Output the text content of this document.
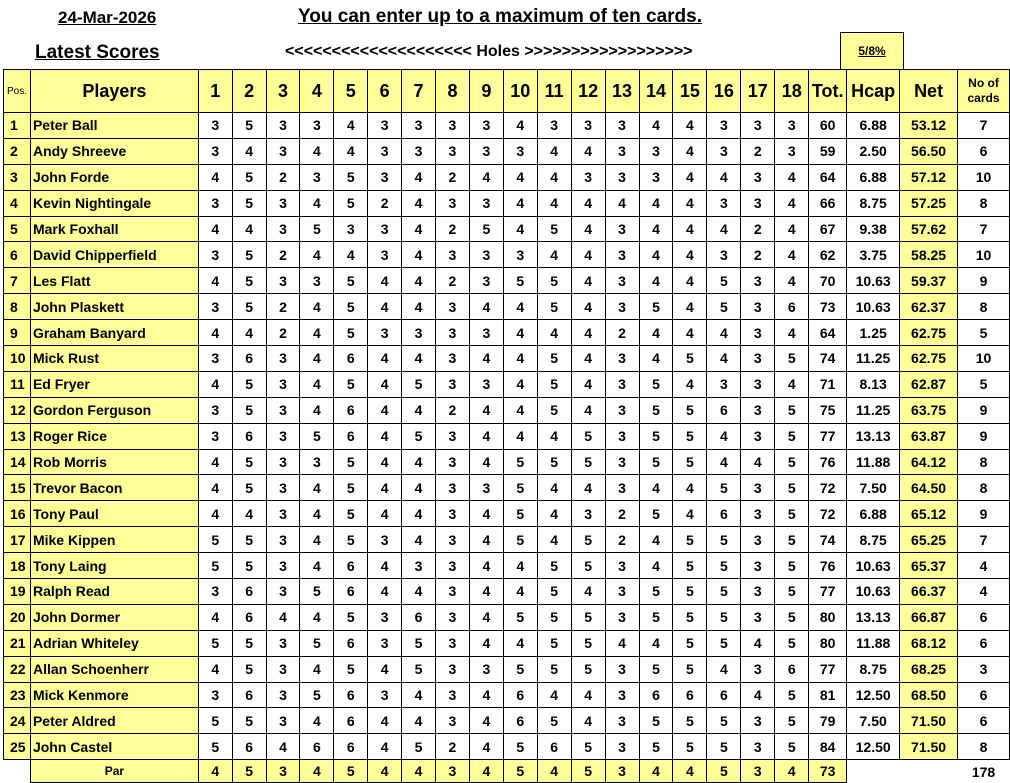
24-Mar-2026	You can enter up to a maximum of ten cards.
Latest Scores	<<<<<<<<<<<<<<<<<<<< Holes >>>>>>>>>>>>>>>>>>	5/8%
Pos.	Players	1	2	3	4	5	6	7	8	9	10	11	12	13	14	15	16	17	18	Tot.	Hcap	Net	No of cards
1	Peter Ball	3	5	3	3	4	3	3	3	3	4	3	3	3	4	4	3	3	3	60	6.88	53.12	7
2	Andy Shreeve	3	4	3	4	4	3	3	3	3	3	4	4	3	3	4	3	2	3	59	2.50	56.50	6
3	John Forde	4	5	2	3	5	3	4	2	4	4	4	3	3	3	4	4	3	4	64	6.88	57.12	10
4	Kevin Nightingale	3	5	3	4	5	2	4	3	3	4	4	4	4	4	4	3	3	4	66	8.75	57.25	8
5	Mark Foxhall	4	4	3	5	3	3	4	2	5	4	5	4	3	4	4	4	2	4	67	9.38	57.62	7
6	David Chipperfield	3	5	2	4	4	3	4	3	3	3	4	4	3	4	4	3	2	4	62	3.75	58.25	10
7	Les Flatt	4	5	3	3	5	4	4	2	3	5	5	4	3	4	4	5	3	4	70	10.63	59.37	9
8	John Plaskett	3	5	2	4	5	4	4	3	4	4	5	4	3	5	4	5	3	6	73	10.63	62.37	8
9	Graham Banyard	4	4	2	4	5	3	3	3	3	4	4	4	2	4	4	4	3	4	64	1.25	62.75	5
10	Mick Rust	3	6	3	4	6	4	4	3	4	4	5	4	3	4	5	4	3	5	74	11.25	62.75	10
11	Ed Fryer	4	5	3	4	5	4	5	3	3	4	5	4	3	5	4	3	3	4	71	8.13	62.87	5
12	Gordon Ferguson	3	5	3	4	6	4	4	2	4	4	5	4	3	5	5	6	3	5	75	11.25	63.75	9
13	Roger Rice	3	6	3	5	6	4	5	3	4	4	4	5	3	5	5	4	3	5	77	13.13	63.87	9
14	Rob Morris	4	5	3	3	5	4	4	3	4	5	5	5	3	5	5	4	4	5	76	11.88	64.12	8
15	Trevor Bacon	4	5	3	4	5	4	4	3	3	5	4	4	3	4	4	5	3	5	72	7.50	64.50	8
16	Tony Paul	4	4	3	4	5	4	4	3	4	5	4	3	2	5	4	6	3	5	72	6.88	65.12	9
17	Mike Kippen	5	5	3	4	5	3	4	3	4	5	4	5	2	4	5	5	3	5	74	8.75	65.25	7
18	Tony Laing	5	5	3	4	6	4	3	3	4	4	5	5	3	4	5	5	3	5	76	10.63	65.37	4
19	Ralph Read	3	6	3	5	6	4	4	3	4	4	5	4	3	5	5	5	3	5	77	10.63	66.37	4
20	John Dormer	4	6	4	4	5	3	6	3	4	5	5	5	3	5	5	5	3	5	80	13.13	66.87	6
21	Adrian Whiteley	5	5	3	5	6	3	5	3	4	4	5	5	4	4	5	5	4	5	80	11.88	68.12	6
22	Allan Schoenherr	4	5	3	4	5	4	5	3	3	5	5	5	3	5	5	4	3	6	77	8.75	68.25	3
23	Mick Kenmore	3	6	3	5	6	3	4	3	4	6	4	4	3	6	6	6	4	5	81	12.50	68.50	6
24	Peter Aldred	5	5	3	4	6	4	4	3	4	6	5	4	3	5	5	5	3	5	79	7.50	71.50	6
25	John Castel	5	6	4	6	6	4	5	2	4	5	6	5	3	5	5	5	3	5	84	12.50	71.50	8
	Par	4	5	3	4	5	4	4	3	4	5	4	5	3	4	4	5	3	4	73			178
